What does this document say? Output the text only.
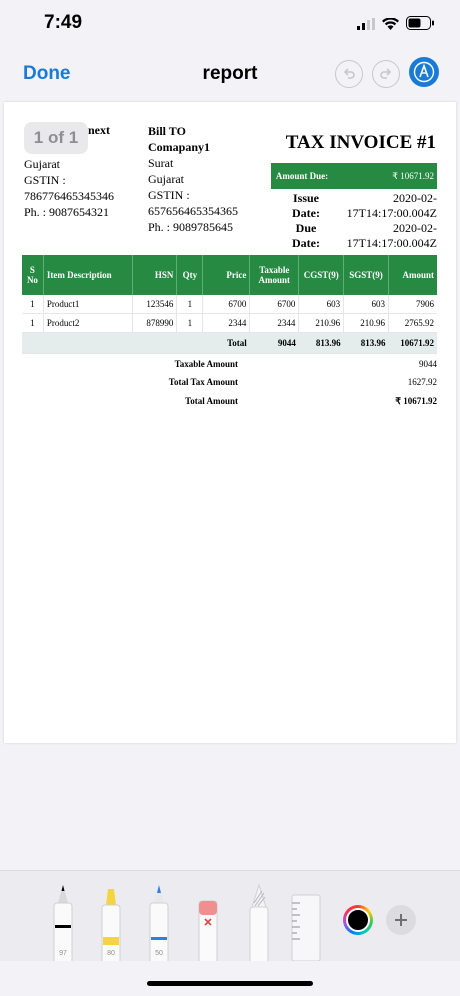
7:49
Done	report
1 of 1 next
Gujarat
GSTIN :
786776465345346
Ph. : 9087654321
Bill TO
Comapany1
Surat
Gujarat
GSTIN :
657656465354365
Ph. : 9089785645
TAX INVOICE #1
Amount Due:	₹ 10671.92
Issue
Date:
2020-02-
17T14:17:00.004Z
Due
Date:
2020-02-
17T14:17:00.004Z
S No	Item Description	HSN	Qty	Price	Taxable Amount	CGST(9)	SGST(9)	Amount
1	Product1	123546	1	6700	6700	603	603	7906
1	Product2	878990	1	2344	2344	210.96	210.96	2765.92
Total					9044	813.96	813.96	10671.92
Taxable Amount	9044
Total Tax Amount	1627.92
Total Amount	₹ 10671.92
97	80	50
